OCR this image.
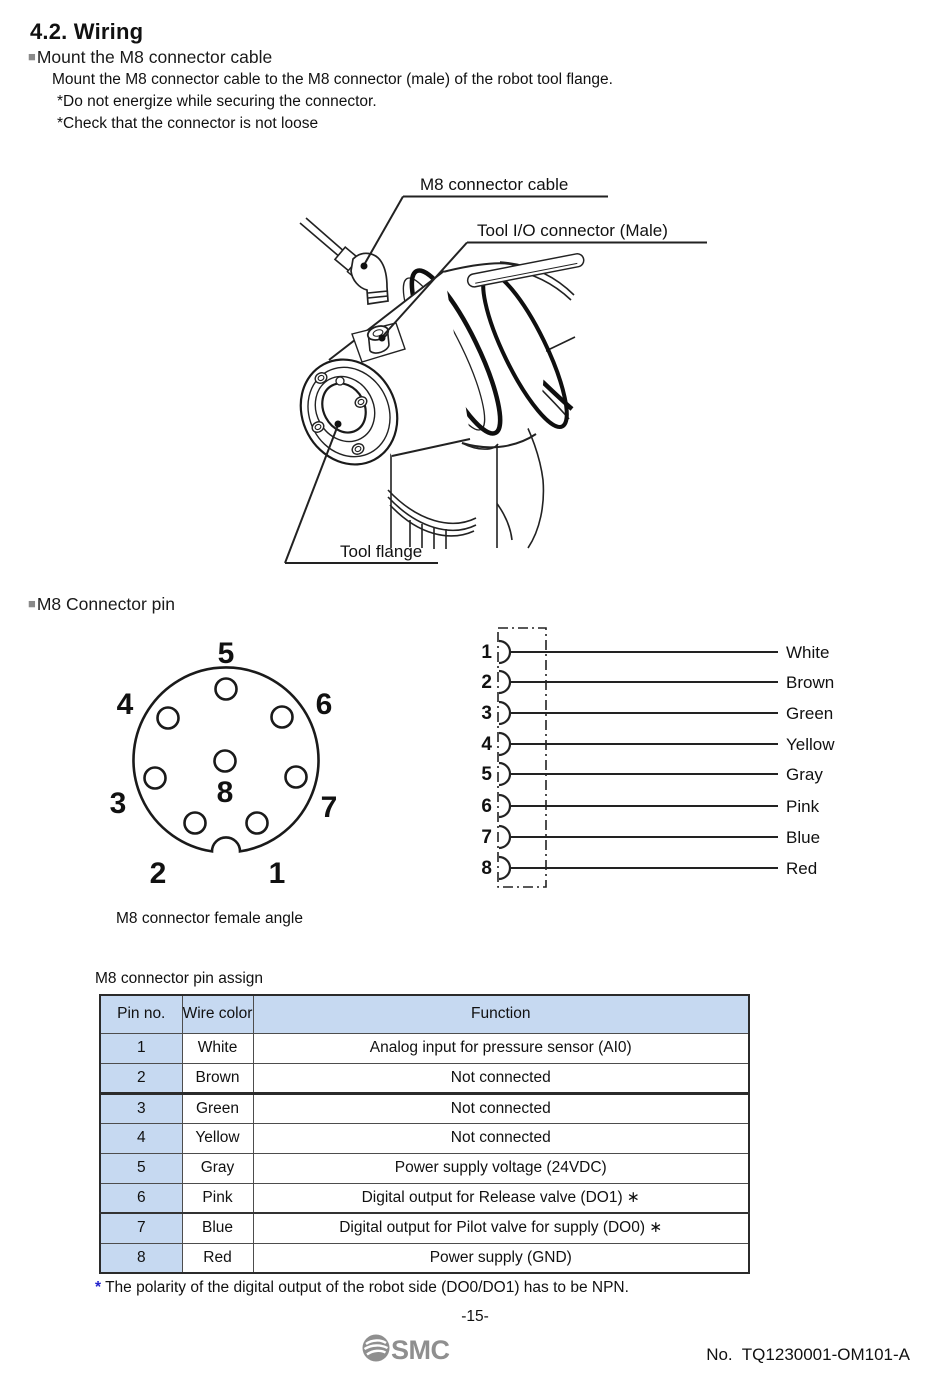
4.2. Wiring
■Mount the M8 connector cable
Mount the M8 connector cable to the M8 connector (male) of the robot tool flange.
*Do not energize while securing the connector.
*Check that the connector is not loose
M8 connector cable
Tool I/O connector (Male)
Tool flange
■M8 Connector pin
5
4	6
3	7
2	1
8
M8 connector female angle
1	White
2	Brown
3	Green
4	Yellow
5	Gray
6	Pink
7	Blue
8	Red
M8 connector pin assign
Pin no.	Wire color	Function
1	White	Analog input for pressure sensor (AI0)
2	Brown	Not connected
3	Green	Not connected
4	Yellow	Not connected
5	Gray	Power supply voltage (24VDC)
6	Pink	Digital output for Release valve (DO1) ∗
7	Blue	Digital output for Pilot valve for supply (DO0) ∗
8	Red	Power supply (GND)
* The polarity of the digital output of the robot side (DO0/DO1) has to be NPN.
-15-
SMC	No.  TQ1230001-OM101-A
